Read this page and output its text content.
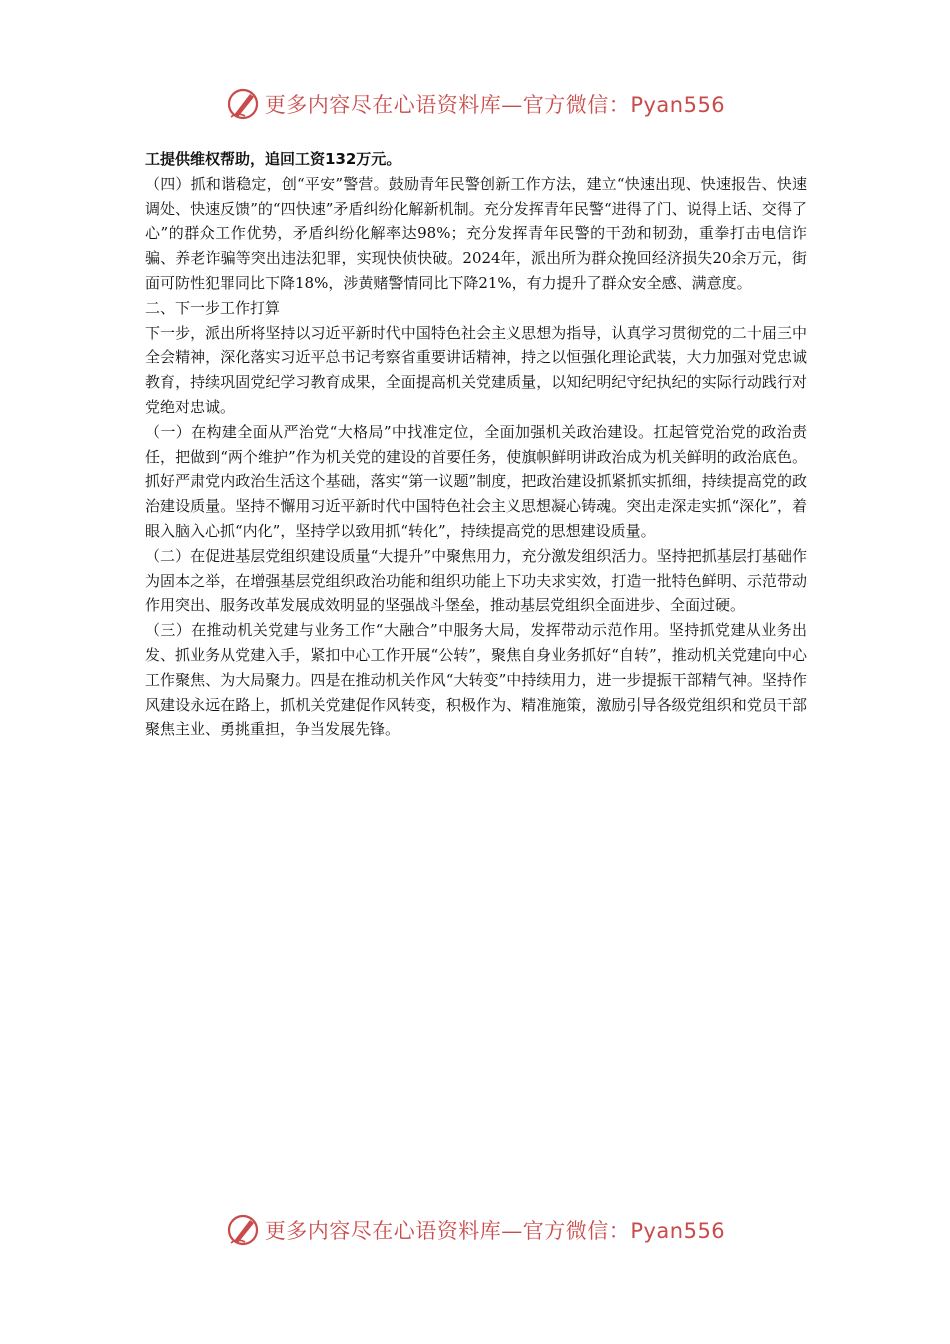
更多内容尽在心语资料库—官方微信：Pyan556

工提供维权帮助，追回工资132万元。

（四）抓和谐稳定，创“平安”警营。鼓励青年民警创新工作方法，建立“快速出现、快速报告、快速调处、快速反馈”的“四快速”矛盾纠纷化解新机制。充分发挥青年民警“进得了门、说得上话、交得了心”的群众工作优势，矛盾纠纷化解率达98%；充分发挥青年民警的干劲和韧劲，重拳打击电信诈骗、养老诈骗等突出违法犯罪，实现快侦快破。2024年，派出所为群众挽回经济损失20余万元，街面可防性犯罪同比下降18%，涉黄赌警情同比下降21%，有力提升了群众安全感、满意度。

二、下一步工作打算

下一步，派出所将坚持以习近平新时代中国特色社会主义思想为指导，认真学习贯彻党的二十届三中全会精神，深化落实习近平总书记考察省重要讲话精神，持之以恒强化理论武装，大力加强对党忠诚教育，持续巩固党纪学习教育成果，全面提高机关党建质量，以知纪明纪守纪执纪的实际行动践行对党绝对忠诚。

（一）在构建全面从严治党“大格局”中找准定位，全面加强机关政治建设。扛起管党治党的政治责任，把做到“两个维护”作为机关党的建设的首要任务，使旗帜鲜明讲政治成为机关鲜明的政治底色。抓好严肃党内政治生活这个基础，落实“第一议题”制度，把政治建设抓紧抓实抓细，持续提高党的政治建设质量。坚持不懈用习近平新时代中国特色社会主义思想凝心铸魂。突出走深走实抓“深化”，着眼入脑入心抓“内化”，坚持学以致用抓“转化”，持续提高党的思想建设质量。

（二）在促进基层党组织建设质量“大提升”中聚焦用力，充分激发组织活力。坚持把抓基层打基础作为固本之举，在增强基层党组织政治功能和组织功能上下功夫求实效，打造一批特色鲜明、示范带动作用突出、服务改革发展成效明显的坚强战斗堡垒，推动基层党组织全面进步、全面过硬。

（三）在推动机关党建与业务工作“大融合”中服务大局，发挥带动示范作用。坚持抓党建从业务出发、抓业务从党建入手，紧扣中心工作开展“公转”，聚焦自身业务抓好“自转”，推动机关党建向中心工作聚焦、为大局聚力。四是在推动机关作风“大转变”中持续用力，进一步提振干部精气神。坚持作风建设永远在路上，抓机关党建促作风转变，积极作为、精准施策，激励引导各级党组织和党员干部聚焦主业、勇挑重担，争当发展先锋。

更多内容尽在心语资料库—官方微信：Pyan556
